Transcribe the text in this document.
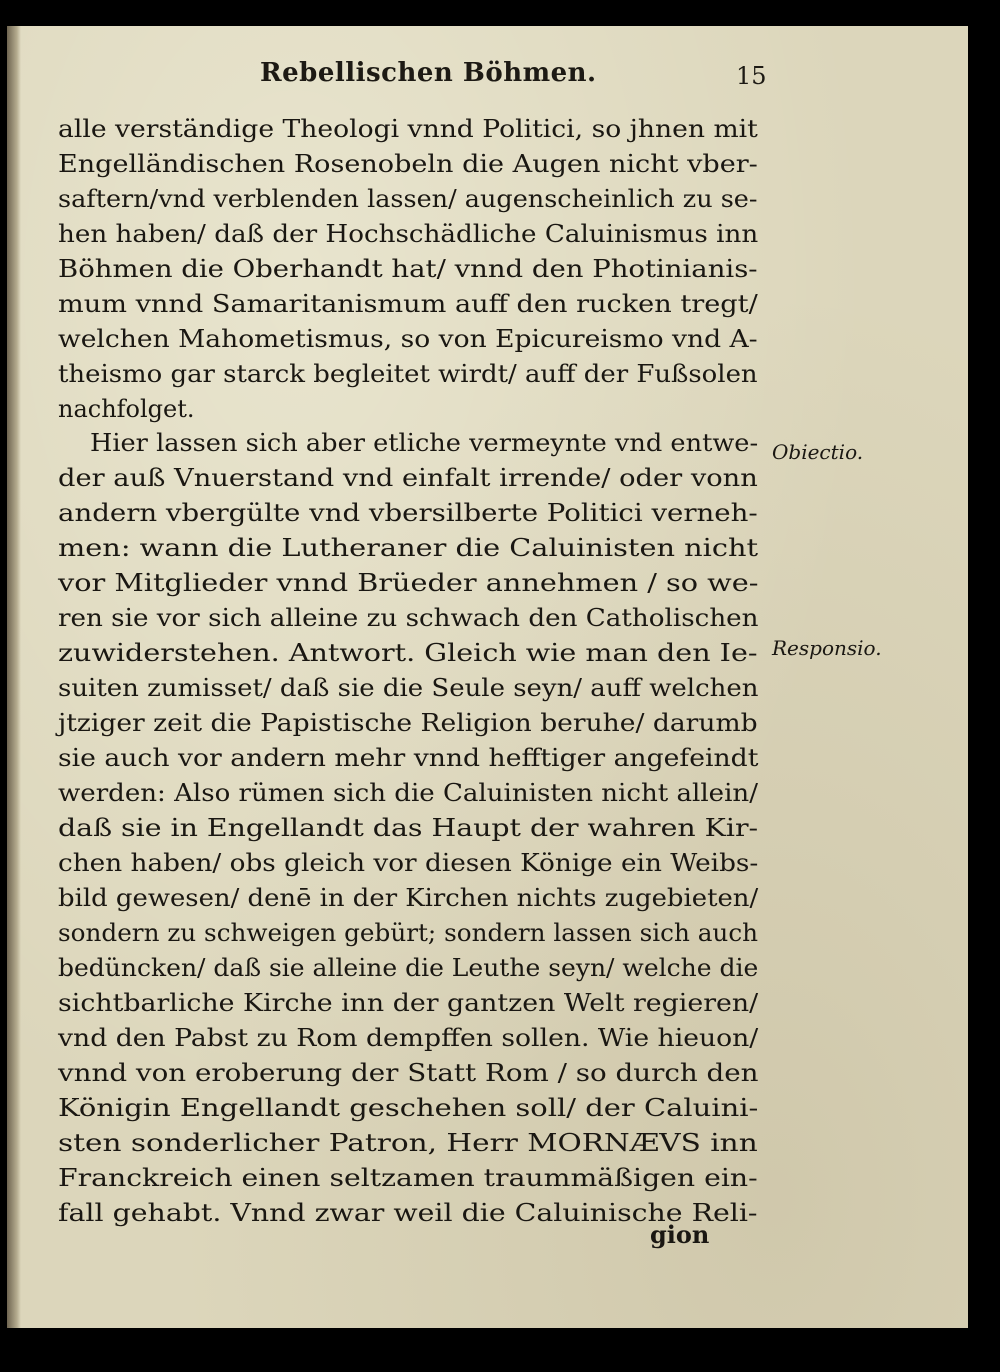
Rebellischen Böhmen.	15
alle verständige Theologi vnnd Politici, so jhnen mit
Engelländischen Rosenobeln die Augen nicht vber-
saftern/vnd verblenden lassen/ augenscheinlich zu se-
hen haben/ daß der Hochschädliche Caluinismus inn
Böhmen die Oberhandt hat/ vnnd den Photinianis-
mum vnnd Samaritanismum auff den rucken tregt/
welchen Mahometismus, so von Epicureismo vnd A-
theismo gar starck begleitet wirdt/ auff der Fußsolen
nachfolget.
Hier lassen sich aber etliche vermeynte vnd entwe-
der auß Vnuerstand vnd einfalt irrende/ oder vonn
andern vbergülte vnd vbersilberte Politici verneh-
men: wann die Lutheraner die Caluinisten nicht
vor Mitglieder vnnd Brüeder annehmen / so we-
ren sie vor sich alleine zu schwach den Catholischen
zuwiderstehen. Antwort. Gleich wie man den Ie-
suiten zumisset/ daß sie die Seule seyn/ auff welchen
jtziger zeit die Papistische Religion beruhe/ darumb
sie auch vor andern mehr vnnd hefftiger angefeindt
werden: Also rümen sich die Caluinisten nicht allein/
daß sie in Engellandt das Haupt der wahren Kir-
chen haben/ obs gleich vor diesen Könige ein Weibs-
bild gewesen/ denē in der Kirchen nichts zugebieten/
sondern zu schweigen gebürt; sondern lassen sich auch
bedüncken/ daß sie alleine die Leuthe seyn/ welche die
sichtbarliche Kirche inn der gantzen Welt regieren/
vnd den Pabst zu Rom dempffen sollen. Wie hieuon/
vnnd von eroberung der Statt Rom / so durch den
Königin Engellandt geschehen soll/ der Caluini-
sten sonderlicher Patron, Herr MORNÆVS inn
Franckreich einen seltzamen traummäßigen ein-
fall gehabt. Vnnd zwar weil die Caluinische Reli-
Obiectio.
Responsio.
gion
